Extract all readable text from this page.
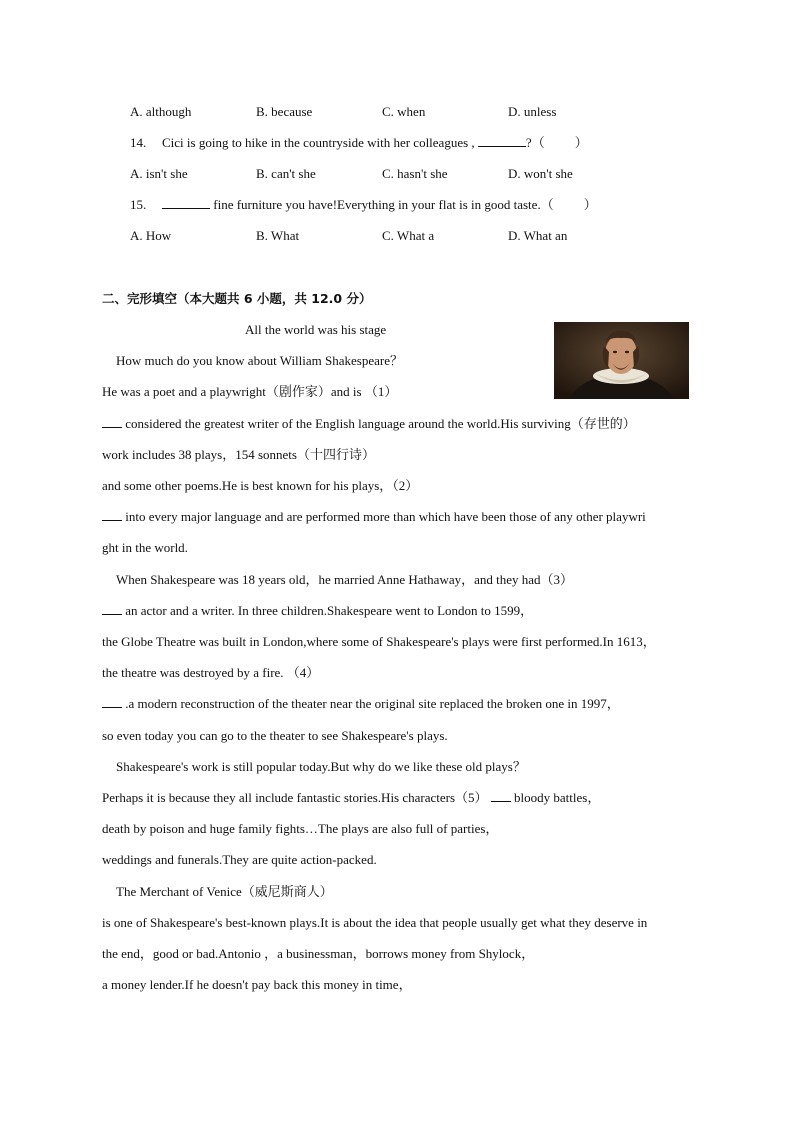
A. although	B. because	C. when	D. unless
14. Cici is going to hike in the countryside with her colleagues ,	?（ ）
A. isn't she	B. can't she	C. hasn't she	D. won't she
15.	fine furniture you have!Everything in your flat is in good taste.（ ）
A. How	B. What	C. What a	D. What an
二、完形填空（本大题共 6 小题，共 12.0 分）
All the world was his stage
How much do you know about William Shakespeare？
He was a poet and a playwright（剧作家）and is （1）
considered the greatest writer of the English language around the world.His surviving（存世的）
work includes 38 plays，154 sonnets（十四行诗）
and some other poems.He is best known for his plays，（2）
into every major language and are performed more than which have been those of any other playwri
ght in the world.
When Shakespeare was 18 years old，he married Anne Hathaway，and they had（3）
an actor and a writer. In three children.Shakespeare went to London to 1599，
the Globe Theatre was built in London,where some of Shakespeare's plays were first performed.In 1613，
the theatre was destroyed by a fire. （4）
.a modern reconstruction of the theater near the original site replaced the broken one in 1997，
so even today you can go to the theater to see Shakespeare's plays.
Shakespeare's work is still popular today.But why do we like these old plays？
Perhaps it is because they all include fantastic stories.His characters（5） bloody battles，
death by poison and huge family fights…The plays are also full of parties，
weddings and funerals.They are quite action-packed.
The Merchant of Venice（威尼斯商人）
is one of Shakespeare's best-known plays.It is about the idea that people usually get what they deserve in
the end，good or bad.Antonio ，a businessman，borrows money from Shylock，
a money lender.If he doesn't pay back this money in time，
